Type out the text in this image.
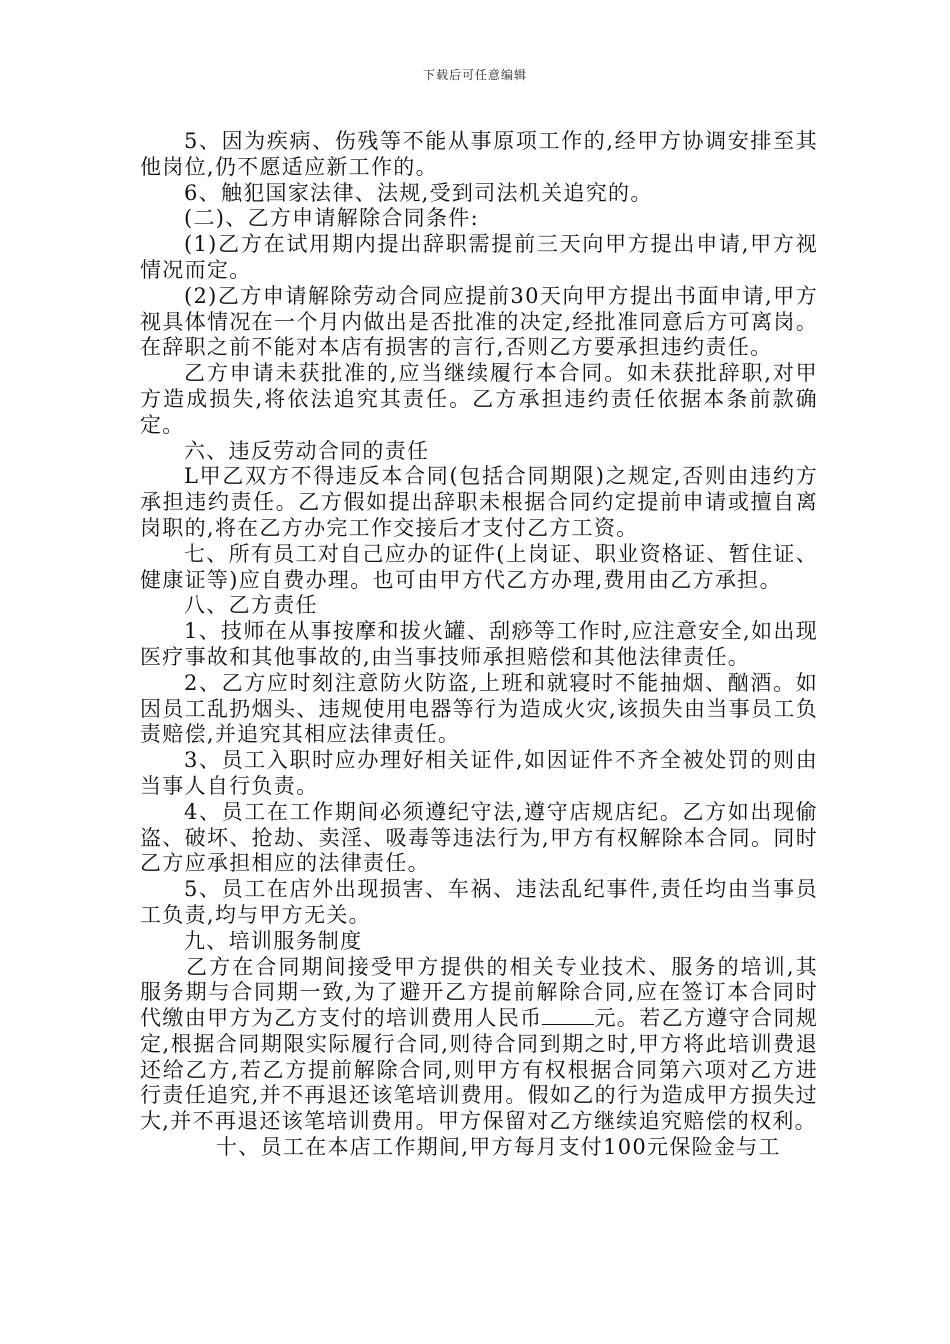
下载后可任意编辑

5、因为疾病、伤残等不能从事原项工作的,经甲方协调安排至其他岗位,仍不愿适应新工作的。

6、触犯国家法律、法规,受到司法机关追究的。

(二)、乙方申请解除合同条件:

(1)乙方在试用期内提出辞职需提前三天向甲方提出申请,甲方视情况而定。

(2)乙方申请解除劳动合同应提前30天向甲方提出书面申请,甲方视具体情况在一个月内做出是否批准的决定,经批准同意后方可离岗。在辞职之前不能对本店有损害的言行,否则乙方要承担违约责任。

乙方申请未获批准的,应当继续履行本合同。如未获批辞职,对甲方造成损失,将依法追究其责任。乙方承担违约责任依据本条前款确定。

六、违反劳动合同的责任

L甲乙双方不得违反本合同(包括合同期限)之规定,否则由违约方承担违约责任。乙方假如提出辞职未根据合同约定提前申请或擅自离岗职的,将在乙方办完工作交接后才支付乙方工资。

七、所有员工对自己应办的证件(上岗证、职业资格证、暂住证、健康证等)应自费办理。也可由甲方代乙方办理,费用由乙方承担。

八、乙方责任

1、技师在从事按摩和拔火罐、刮痧等工作时,应注意安全,如出现医疗事故和其他事故的,由当事技师承担赔偿和其他法律责任。

2、乙方应时刻注意防火防盗,上班和就寝时不能抽烟、酗酒。如因员工乱扔烟头、违规使用电器等行为造成火灾,该损失由当事员工负责赔偿,并追究其相应法律责任。

3、员工入职时应办理好相关证件,如因证件不齐全被处罚的则由当事人自行负责。

4、员工在工作期间必须遵纪守法,遵守店规店纪。乙方如出现偷盗、破坏、抢劫、卖淫、吸毒等违法行为,甲方有权解除本合同。同时乙方应承担相应的法律责任。

5、员工在店外出现损害、车祸、违法乱纪事件,责任均由当事员工负责,均与甲方无关。

九、培训服务制度

乙方在合同期间接受甲方提供的相关专业技术、服务的培训,其服务期与合同期一致,为了避开乙方提前解除合同,应在签订本合同时代缴由甲方为乙方支付的培训费用人民币 元。若乙方遵守合同规定,根据合同期限实际履行合同,则待合同到期之时,甲方将此培训费退还给乙方,若乙方提前解除合同,则甲方有权根据合同第六项对乙方进行责任追究,并不再退还该笔培训费用。假如乙的行为造成甲方损失过大,并不再退还该笔培训费用。甲方保留对乙方继续追究赔偿的权利。

十、员工在本店工作期间,甲方每月支付100元保险金与工
